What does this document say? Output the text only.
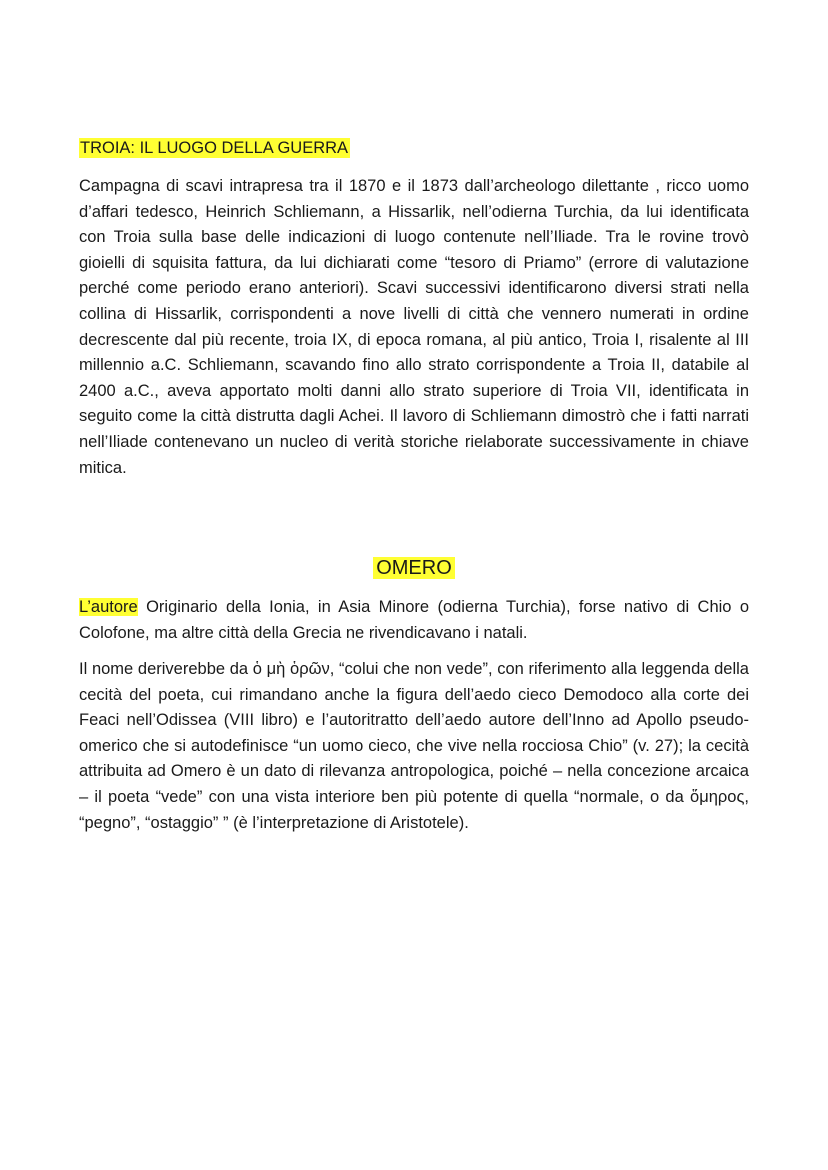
TROIA: IL LUOGO DELLA GUERRA

Campagna di scavi intrapresa tra il 1870 e il 1873 dall’archeologo dilettante , ricco uomo d’affari tedesco, Heinrich Schliemann, a Hissarlik, nell’odierna Turchia, da lui identificata con Troia sulla base delle indicazioni di luogo contenute nell’Iliade. Tra le rovine trovò gioielli di squisita fattura, da lui dichiarati come “tesoro di Priamo” (errore di valutazione perché come periodo erano anteriori). Scavi successivi identificarono diversi strati nella collina di Hissarlik, corrispondenti a nove livelli di città che vennero numerati in ordine decrescente dal più recente, troia IX, di epoca romana, al più antico, Troia I, risalente al III millennio a.C. Schliemann, scavando fino allo strato corrispondente a Troia II, databile al 2400 a.C., aveva apportato molti danni allo strato superiore di Troia VII, identificata in seguito come la città distrutta dagli Achei. Il lavoro di Schliemann dimostrò che i fatti narrati nell’Iliade contenevano un nucleo di verità storiche rielaborate successivamente in chiave mitica.

OMERO

L’autore Originario della Ionia, in Asia Minore (odierna Turchia), forse nativo di Chio o Colofone, ma altre città della Grecia ne rivendicavano i natali.

Il nome deriverebbe da ὁ μὴ ὁρῶν, “colui che non vede”, con riferimento alla leggenda della cecità del poeta, cui rimandano anche la figura dell’aedo cieco Demodoco alla corte dei Feaci nell’Odissea (VIII libro) e l’autoritratto dell’aedo autore dell’Inno ad Apollo pseudo-omerico che si autodefinisce “un uomo cieco, che vive nella rocciosa Chio” (v. 27); la cecità attribuita ad Omero è un dato di rilevanza antropologica, poiché – nella concezione arcaica – il poeta “vede” con una vista interiore ben più potente di quella “normale, o da ὅμηρος, “pegno”, “ostaggio” ” (è l’interpretazione di Aristotele).
